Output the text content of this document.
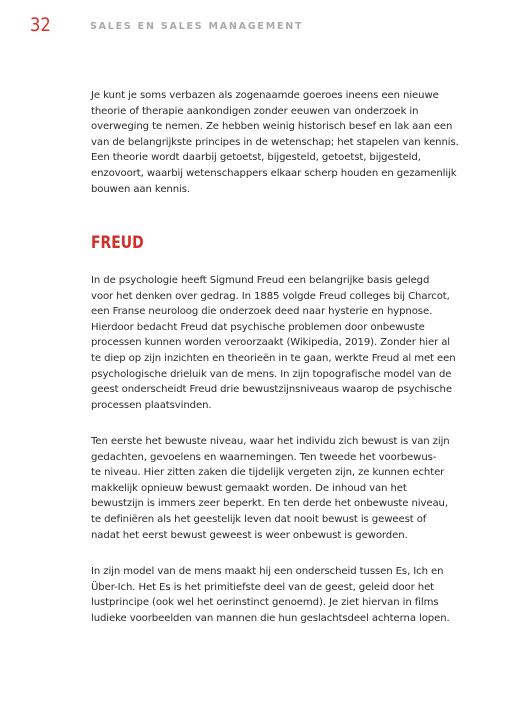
32	SALES EN SALES MANAGEMENT

Je kunt je soms verbazen als zogenaamde goeroes ineens een nieuwe
theorie of therapie aankondigen zonder eeuwen van onderzoek in
overweging te nemen. Ze hebben weinig historisch besef en lak aan een
van de belangrijkste principes in de wetenschap; het stapelen van kennis.
Een theorie wordt daarbij getoetst, bijgesteld, getoetst, bijgesteld,
enzovoort, waarbij wetenschappers elkaar scherp houden en gezamenlijk
bouwen aan kennis.

FREUD

In de psychologie heeft Sigmund Freud een belangrijke basis gelegd
voor het denken over gedrag. In 1885 volgde Freud colleges bij Charcot,
een Franse neuroloog die onderzoek deed naar hysterie en hypnose.
Hierdoor bedacht Freud dat psychische problemen door onbewuste
processen kunnen worden veroorzaakt (Wikipedia, 2019). Zonder hier al
te diep op zijn inzichten en theorieën in te gaan, werkte Freud al met een
psychologische drieluik van de mens. In zijn topografische model van de
geest onderscheidt Freud drie bewustzijnsniveaus waarop de psychische
processen plaatsvinden.

Ten eerste het bewuste niveau, waar het individu zich bewust is van zijn
gedachten, gevoelens en waarnemingen. Ten tweede het voorbewus-
te niveau. Hier zitten zaken die tijdelijk vergeten zijn, ze kunnen echter
makkelijk opnieuw bewust gemaakt worden. De inhoud van het
bewustzijn is immers zeer beperkt. En ten derde het onbewuste niveau,
te definiëren als het geestelijk leven dat nooit bewust is geweest of
nadat het eerst bewust geweest is weer onbewust is geworden.

In zijn model van de mens maakt hij een onderscheid tussen Es, Ich en
Über-Ich. Het Es is het primitiefste deel van de geest, geleid door het
lustprincipe (ook wel het oerinstinct genoemd). Je ziet hiervan in films
ludieke voorbeelden van mannen die hun geslachtsdeel achterna lopen.
